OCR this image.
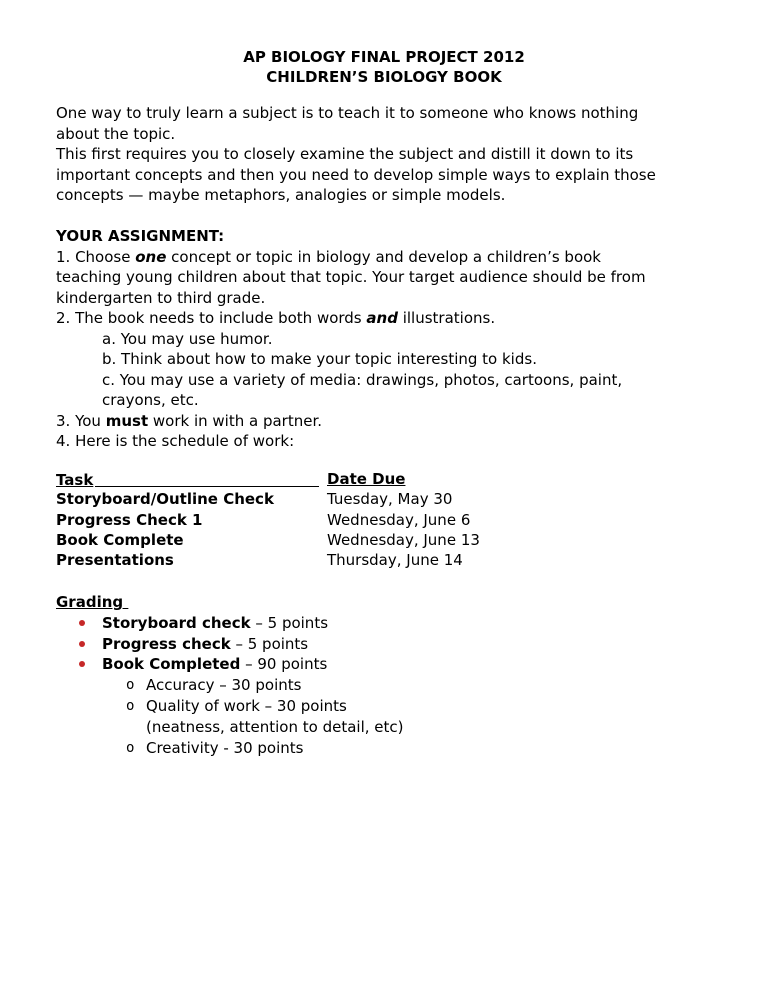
AP BIOLOGY FINAL PROJECT 2012
CHILDREN’S BIOLOGY BOOK
One way to truly learn a subject is to teach it to someone who knows nothing
about the topic.
This first requires you to closely examine the subject and distill it down to its
important concepts and then you need to develop simple ways to explain those
concepts — maybe metaphors, analogies or simple models.
YOUR ASSIGNMENT:
1. Choose one concept or topic in biology and develop a children’s book
teaching young children about that topic. Your target audience should be from
kindergarten to third grade.
2. The book needs to include both words and illustrations.
a. You may use humor.
b. Think about how to make your topic interesting to kids.
c. You may use a variety of media: drawings, photos, cartoons, paint,
crayons, etc.
3. You must work in with a partner.
4. Here is the schedule of work:
Task	Date Due
Storyboard/Outline Check	Tuesday, May 30
Progress Check 1	Wednesday, June 6
Book Complete	Wednesday, June 13
Presentations	Thursday, June 14
Grading
Storyboard check – 5 points
Progress check – 5 points
Book Completed – 90 points
o Accuracy – 30 points
o Quality of work – 30 points
(neatness, attention to detail, etc)
o Creativity - 30 points
